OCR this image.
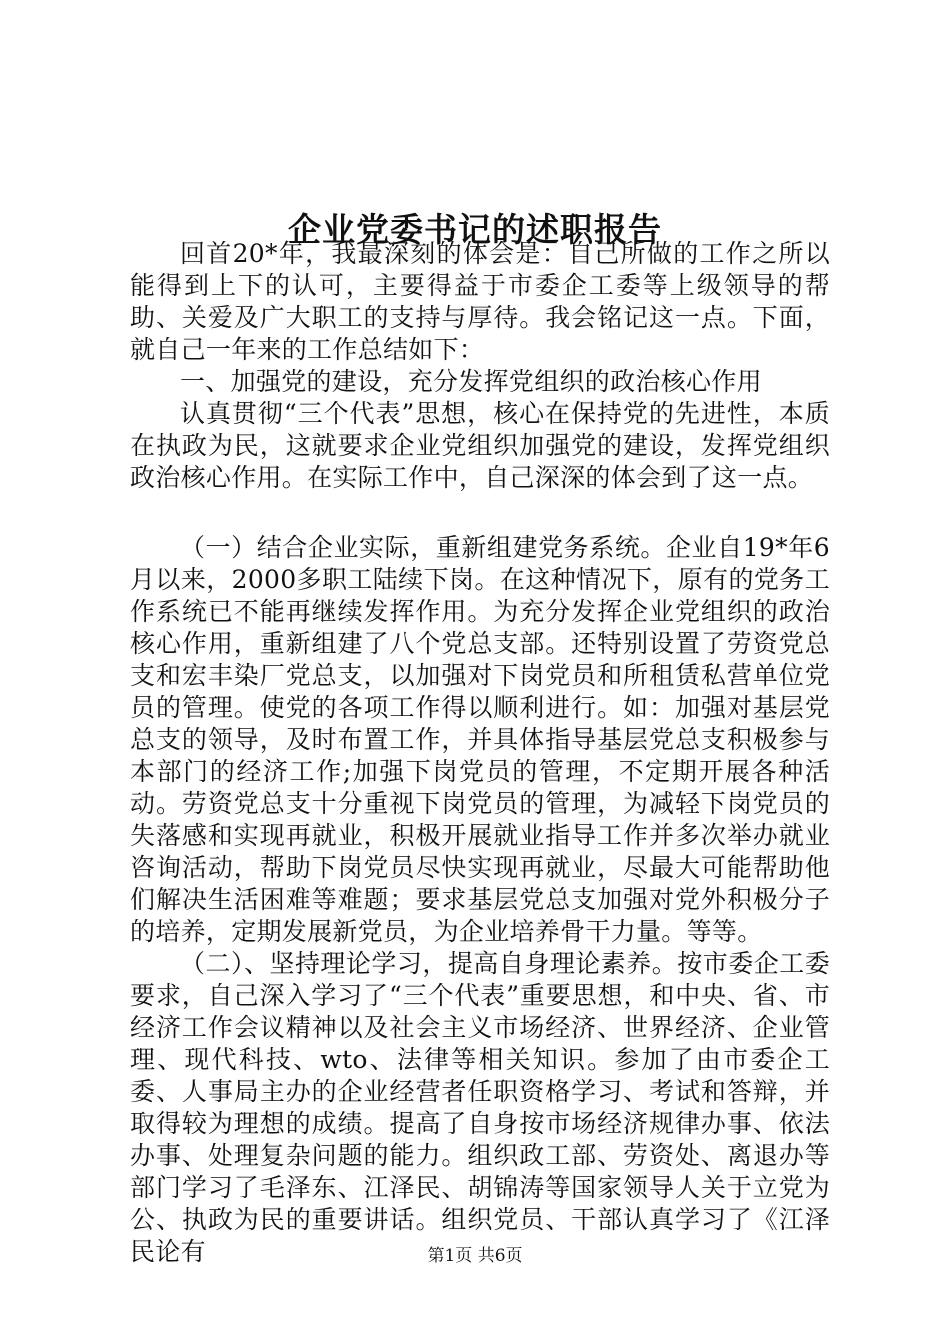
企业党委书记的述职报告

回首20*年，我最深刻的体会是：自己所做的工作之所以能得到上下的认可，主要得益于市委企工委等上级领导的帮助、关爱及广大职工的支持与厚待。我会铭记这一点。下面，就自己一年来的工作总结如下：

一、加强党的建设，充分发挥党组织的政治核心作用

认真贯彻“三个代表”思想，核心在保持党的先进性，本质在执政为民，这就要求企业党组织加强党的建设，发挥党组织政治核心作用。在实际工作中，自己深深的体会到了这一点。

（一）结合企业实际，重新组建党务系统。企业自19*年6月以来，2000多职工陆续下岗。在这种情况下，原有的党务工作系统已不能再继续发挥作用。为充分发挥企业党组织的政治核心作用，重新组建了八个党总支部。还特别设置了劳资党总支和宏丰染厂党总支，以加强对下岗党员和所租赁私营单位党员的管理。使党的各项工作得以顺利进行。如：加强对基层党总支的领导，及时布置工作，并具体指导基层党总支积极参与本部门的经济工作;加强下岗党员的管理，不定期开展各种活动。劳资党总支十分重视下岗党员的管理，为减轻下岗党员的失落感和实现再就业，积极开展就业指导工作并多次举办就业咨询活动，帮助下岗党员尽快实现再就业，尽最大可能帮助他们解决生活困难等难题；要求基层党总支加强对党外积极分子的培养，定期发展新党员，为企业培养骨干力量。等等。

（二）、坚持理论学习，提高自身理论素养。按市委企工委要求，自己深入学习了“三个代表”重要思想，和中央、省、市经济工作会议精神以及社会主义市场经济、世界经济、企业管理、现代科技、wto、法律等相关知识。参加了由市委企工委、人事局主办的企业经营者任职资格学习、考试和答辩，并取得较为理想的成绩。提高了自身按市场经济规律办事、依法办事、处理复杂问题的能力。组织政工部、劳资处、离退办等部门学习了毛泽东、江泽民、胡锦涛等国家领导人关于立党为公、执政为民的重要讲话。组织党员、干部认真学习了《江泽民论有	第1页 共6页
